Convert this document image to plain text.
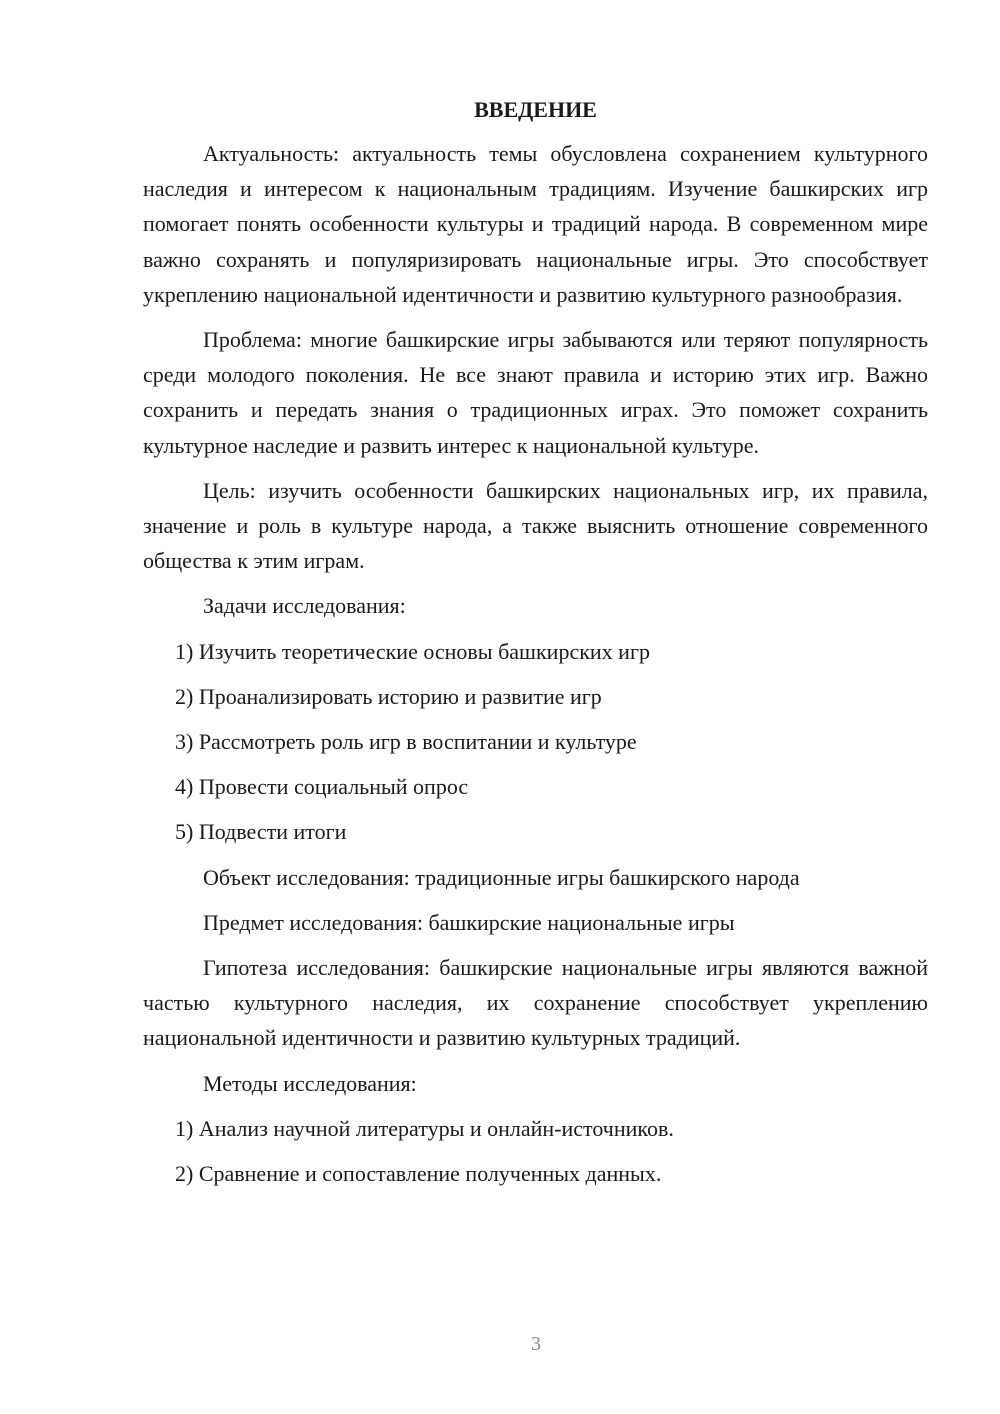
ВВЕДЕНИЕ

Актуальность: актуальность темы обусловлена сохранением культурного наследия и интересом к национальным традициям. Изучение башкирских игр помогает понять особенности культуры и традиций народа. В современном мире важно сохранять и популяризировать национальные игры. Это способствует укреплению национальной идентичности и развитию культурного разнообразия.

Проблема: многие башкирские игры забываются или теряют популярность среди молодого поколения. Не все знают правила и историю этих игр. Важно сохранить и передать знания о традиционных играх. Это поможет сохранить культурное наследие и развить интерес к национальной культуре.

Цель: изучить особенности башкирских национальных игр, их правила, значение и роль в культуре народа, а также выяснить отношение современного общества к этим играм.

Задачи исследования:
1) Изучить теоретические основы башкирских игр
2) Проанализировать историю и развитие игр
3) Рассмотреть роль игр в воспитании и культуре
4) Провести социальный опрос
5) Подвести итоги
Объект исследования: традиционные игры башкирского народа
Предмет исследования: башкирские национальные игры

Гипотеза исследования: башкирские национальные игры являются важной частью культурного наследия, их сохранение способствует укреплению национальной идентичности и развитию культурных традиций.

Методы исследования:
1) Анализ научной литературы и онлайн-источников.
2) Сравнение и сопоставление полученных данных.
3
